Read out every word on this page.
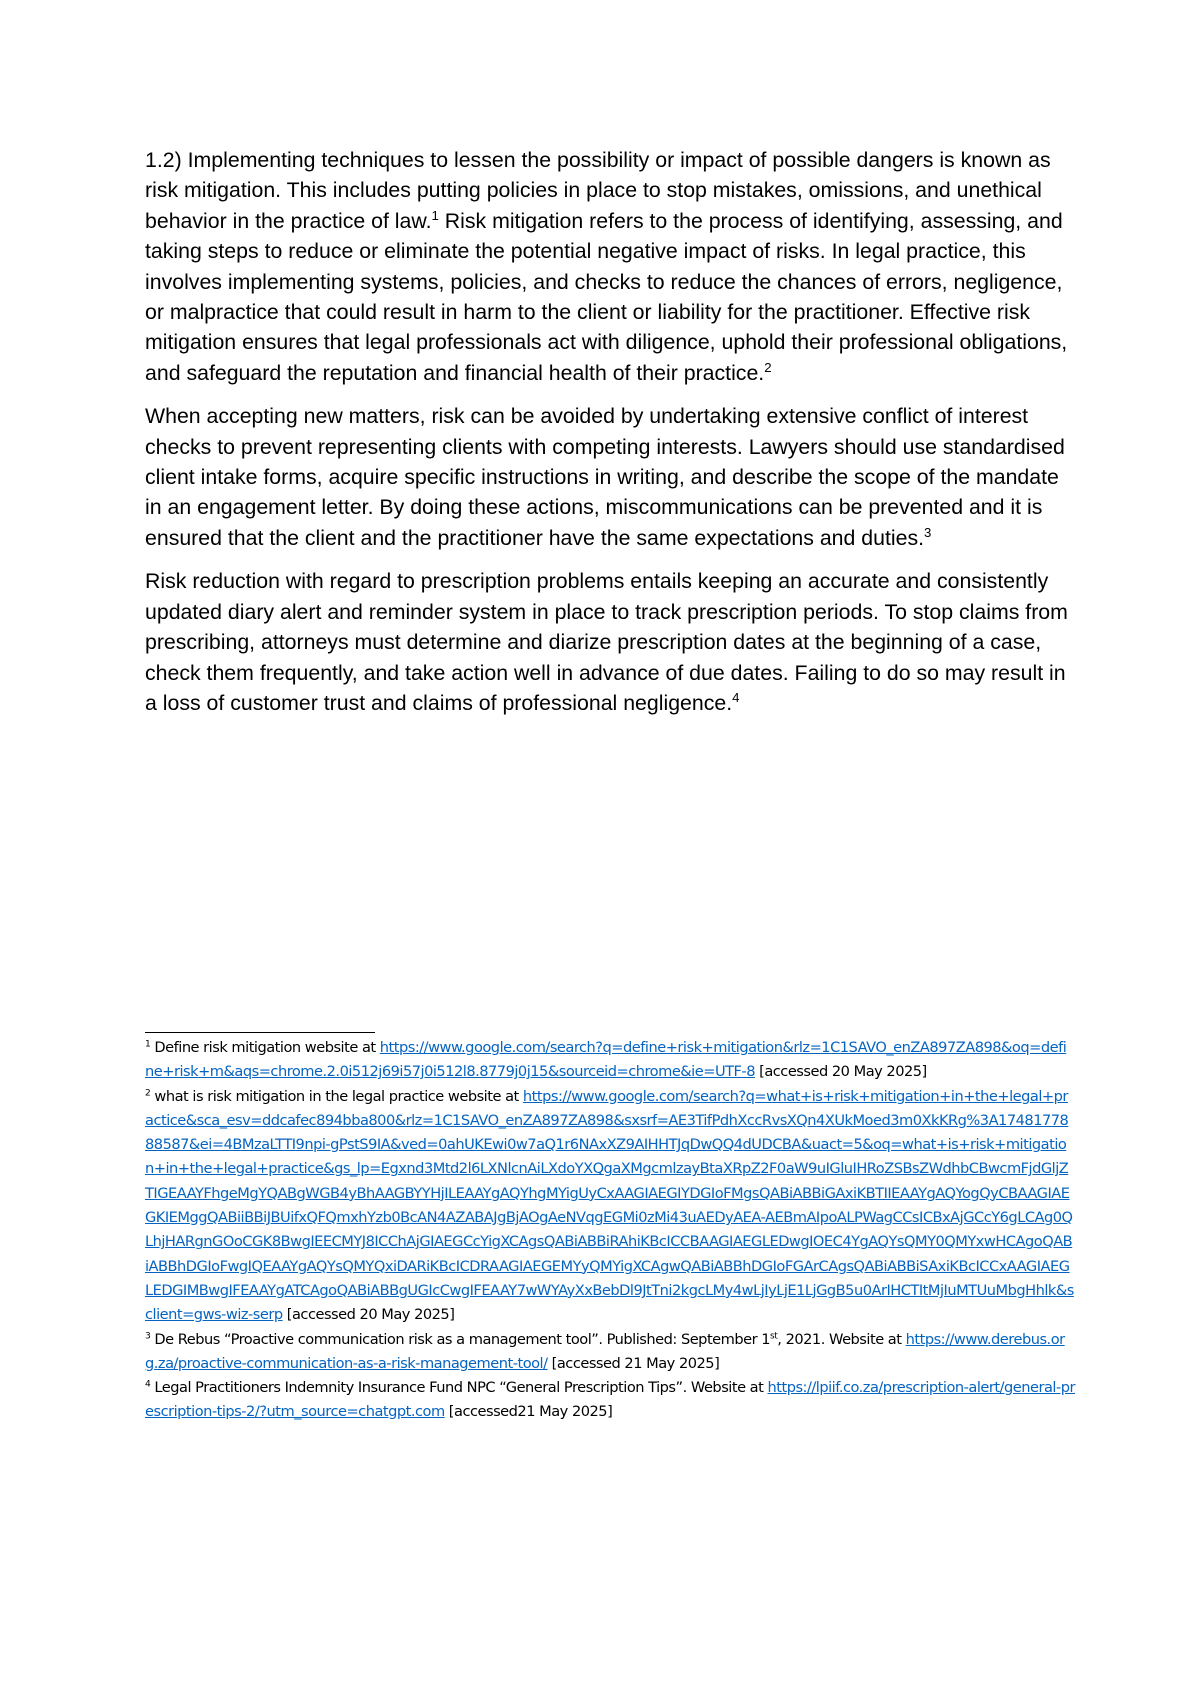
1.2) Implementing techniques to lessen the possibility or impact of possible dangers is known as risk mitigation. This includes putting policies in place to stop mistakes, omissions, and unethical behavior in the practice of law.$^1$ Risk mitigation refers to the process of identifying, assessing, and taking steps to reduce or eliminate the potential negative impact of risks. In legal practice, this involves implementing systems, policies, and checks to reduce the chances of errors, negligence, or malpractice that could result in harm to the client or liability for the practitioner. Effective risk mitigation ensures that legal professionals act with diligence, uphold their professional obligations, and safeguard the reputation and financial health of their practice.$^2$

When accepting new matters, risk can be avoided by undertaking extensive conflict of interest checks to prevent representing clients with competing interests. Lawyers should use standardised client intake forms, acquire specific instructions in writing, and describe the scope of the mandate in an engagement letter. By doing these actions, miscommunications can be prevented and it is ensured that the client and the practitioner have the same expectations and duties.$^3$

Risk reduction with regard to prescription problems entails keeping an accurate and consistently updated diary alert and reminder system in place to track prescription periods. To stop claims from prescribing, attorneys must determine and diarize prescription dates at the beginning of a case, check them frequently, and take action well in advance of due dates. Failing to do so may result in a loss of customer trust and claims of professional negligence.$^4$

$^1$ Define risk mitigation website at https://www.google.com/search?q=define+risk+mitigation&rlz=1C1SAVO_enZA897ZA898&oq=define+risk+m&aqs=chrome.2.0i512j69i57j0i512l8.8779j0j15&sourceid=chrome&ie=UTF-8 [accessed 20 May 2025]

$^2$ what is risk mitigation in the legal practice website at https://www.google.com/search?q=what+is+risk+mitigation+in+the+legal+practice&sca_esv=ddcafec894bba800&rlz=1C1SAVO_enZA897ZA898&sxsrf=AE3TifPdhXccRvsXQn4XUkMoed3m0XkKRg%3A1748177888587&ei=4BMzaLTTI9npi-gPstS9IA&ved=0ahUKEwi0w7aQ1r6NAxXZ9AIHHTJqDwQQ4dUDCBA&uact=5&oq=what+is+risk+mitigation+in+the+legal+practice&gs_lp=Egxnd3Mtd2l6LXNlcnAiLXdoYXQgaXMgcmlzayBtaXRpZ2F0aW9uIGluIHRoZSBsZWdhbCBwcmFjdGljZTIGEAAYFhgeMgYQABgWGB4yBhAAGBYYHjILEAAYgAQYhgMYigUyCxAAGIAEGIYDGIoFMgsQABiABBiGAxiKBTIIEAAYgAQYogQyCBAAGIAEGKIEMggQABiiBBiJBUifxQFQmxhYzb0BcAN4AZABAJgBjAOgAeNVqgEGMi0zMi43uAEDyAEA-AEBmAIpoALPWagCCsICBxAjGCcY6gLCAg0QLhjHARgnGOoCGK8BwgIEECMYJ8ICChAjGIAEGCcYigXCAgsQABiABBiRAhiKBcICCBAAGIAEGLEDwgIOEC4YgAQYsQMY0QMYxwHCAgoQABiABBhDGIoFwgIQEAAYgAQYsQMYQxiDARiKBcICDRAAGIAEGEMYyQMYigXCAgwQABiABBhDGIoFGArCAgsQABiABBiSAxiKBcICCxAAGIAEGLEDGIMBwgIFEAAYgATCAgoQABiABBgUGIcCwgIFEAAY7wWYAyXxBebDl9JtTni2kgcLMy4wLjIyLjE1LjGgB5u0ArIHCTItMjIuMTUuMbgHhlk&sclient=gws-wiz-serp [accessed 20 May 2025]

$^3$ De Rebus “Proactive communication risk as a management tool”. Published: September 1st, 2021. Website at https://www.derebus.org.za/proactive-communication-as-a-risk-management-tool/ [accessed 21 May 2025]

$^4$ Legal Practitioners Indemnity Insurance Fund NPC “General Prescription Tips”. Website at https://lpiif.co.za/prescription-alert/general-prescription-tips-2/?utm_source=chatgpt.com [accessed21 May 2025]
